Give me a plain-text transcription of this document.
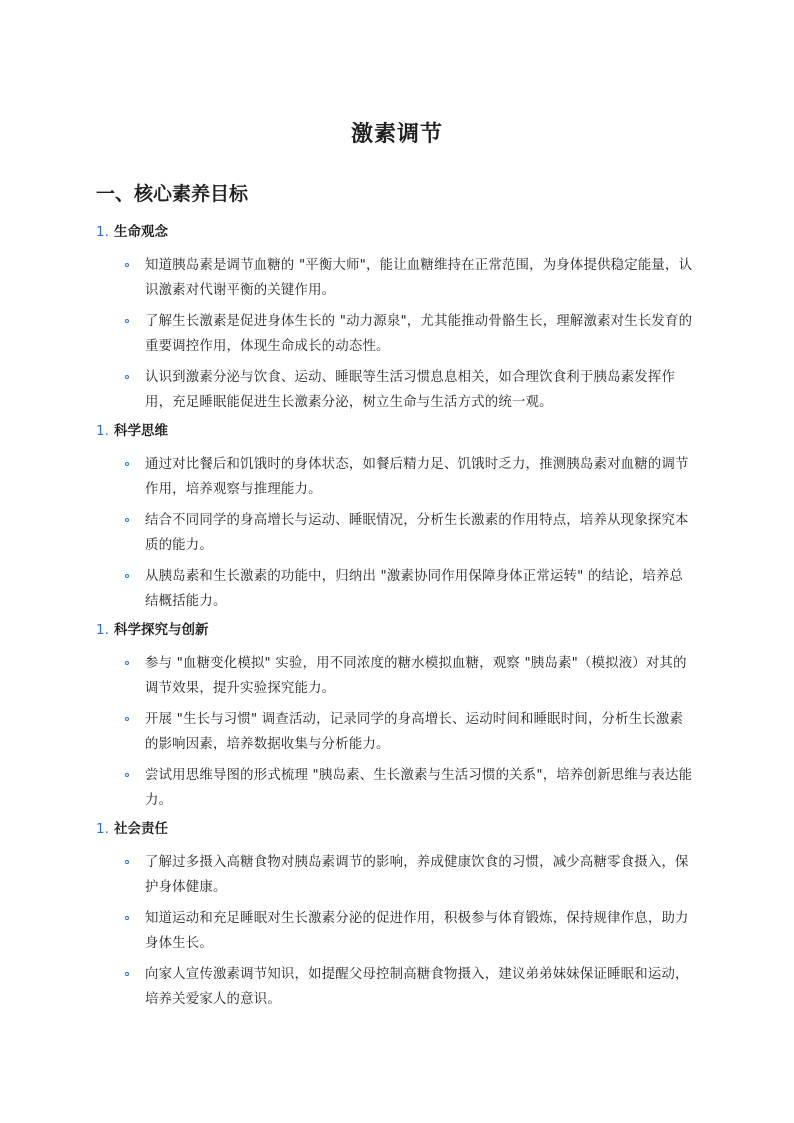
激素调节
一、核心素养目标
1. 生命观念
知道胰岛素是调节血糖的 "平衡大师"，能让血糖维持在正常范围，为身体提供稳定能量，认识激素对代谢平衡的关键作用。
了解生长激素是促进身体生长的 "动力源泉"，尤其能推动骨骼生长，理解激素对生长发育的重要调控作用，体现生命成长的动态性。
认识到激素分泌与饮食、运动、睡眠等生活习惯息息相关，如合理饮食利于胰岛素发挥作用，充足睡眠能促进生长激素分泌，树立生命与生活方式的统一观。
1. 科学思维
通过对比餐后和饥饿时的身体状态，如餐后精力足、饥饿时乏力，推测胰岛素对血糖的调节作用，培养观察与推理能力。
结合不同同学的身高增长与运动、睡眠情况，分析生长激素的作用特点，培养从现象探究本质的能力。
从胰岛素和生长激素的功能中，归纳出 "激素协同作用保障身体正常运转" 的结论，培养总结概括能力。
1. 科学探究与创新
参与 "血糖变化模拟" 实验，用不同浓度的糖水模拟血糖，观察 "胰岛素"（模拟液）对其的调节效果，提升实验探究能力。
开展 "生长与习惯" 调查活动，记录同学的身高增长、运动时间和睡眠时间，分析生长激素的影响因素，培养数据收集与分析能力。
尝试用思维导图的形式梳理 "胰岛素、生长激素与生活习惯的关系"，培养创新思维与表达能力。
1. 社会责任
了解过多摄入高糖食物对胰岛素调节的影响，养成健康饮食的习惯，减少高糖零食摄入，保护身体健康。
知道运动和充足睡眠对生长激素分泌的促进作用，积极参与体育锻炼，保持规律作息，助力身体生长。
向家人宣传激素调节知识，如提醒父母控制高糖食物摄入，建议弟弟妹妹保证睡眠和运动，培养关爱家人的意识。
